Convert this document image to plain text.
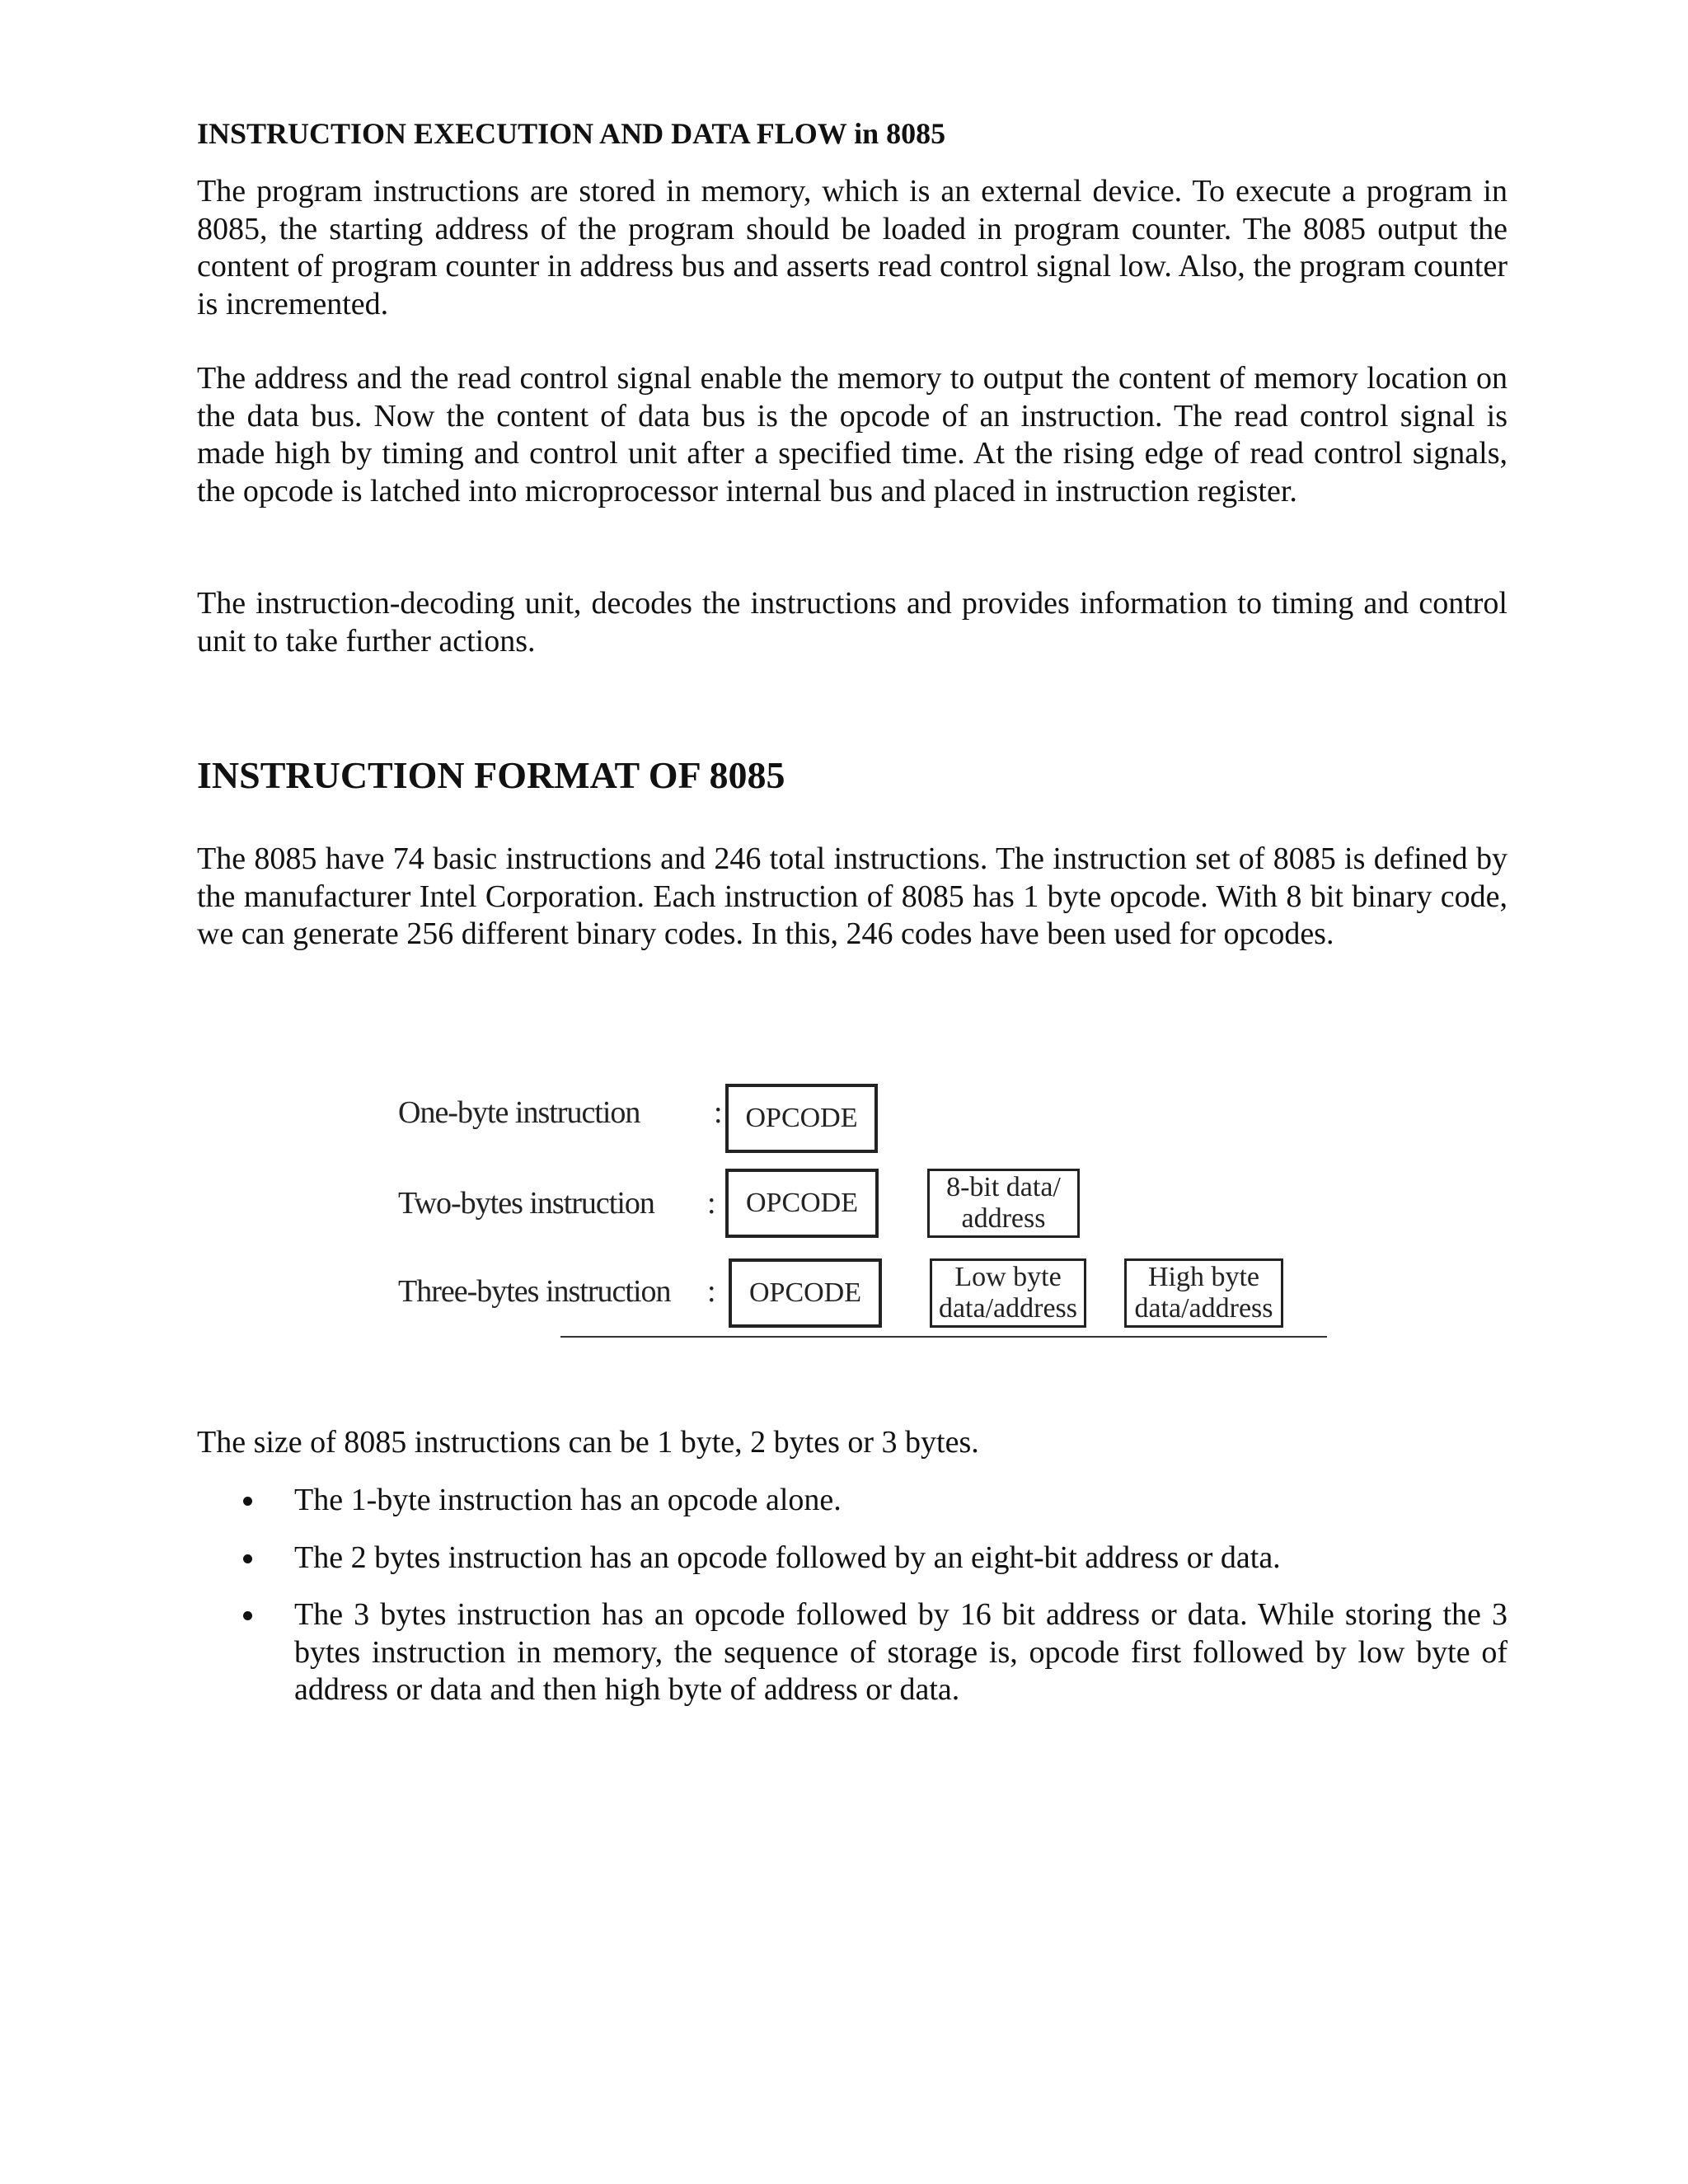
INSTRUCTION EXECUTION AND DATA FLOW in 8085

The program instructions are stored in memory, which is an external device. To execute a program in 8085, the starting address of the program should be loaded in program counter. The 8085 output the content of program counter in address bus and asserts read control signal low. Also, the program counter is incremented.

The address and the read control signal enable the memory to output the content of memory location on the data bus. Now the content of data bus is the opcode of an instruction. The read control signal is made high by timing and control unit after a specified time. At the rising edge of read control signals, the opcode is latched into microprocessor internal bus and placed in instruction register.

The instruction-decoding unit, decodes the instructions and provides information to timing and control unit to take further actions.

INSTRUCTION FORMAT OF 8085

The 8085 have 74 basic instructions and 246 total instructions. The instruction set of 8085 is defined by the manufacturer Intel Corporation. Each instruction of 8085 has 1 byte opcode. With 8 bit binary code, we can generate 256 different binary codes. In this, 246 codes have been used for opcodes.

The size of 8085 instructions can be 1 byte, 2 bytes or 3 bytes.

The 1-byte instruction has an opcode alone.
The 2 bytes instruction has an opcode followed by an eight-bit address or data.
The 3 bytes instruction has an opcode followed by 16 bit address or data. While storing the 3 bytes instruction in memory, the sequence of storage is, opcode first followed by low byte of address or data and then high byte of address or data.
One-byte instruction : OPCODE
Two-bytes instruction :	OPCODE
8-bit data/ address
Three-bytes instruction :	OPCODE
Low byte data/address
High byte data/address
